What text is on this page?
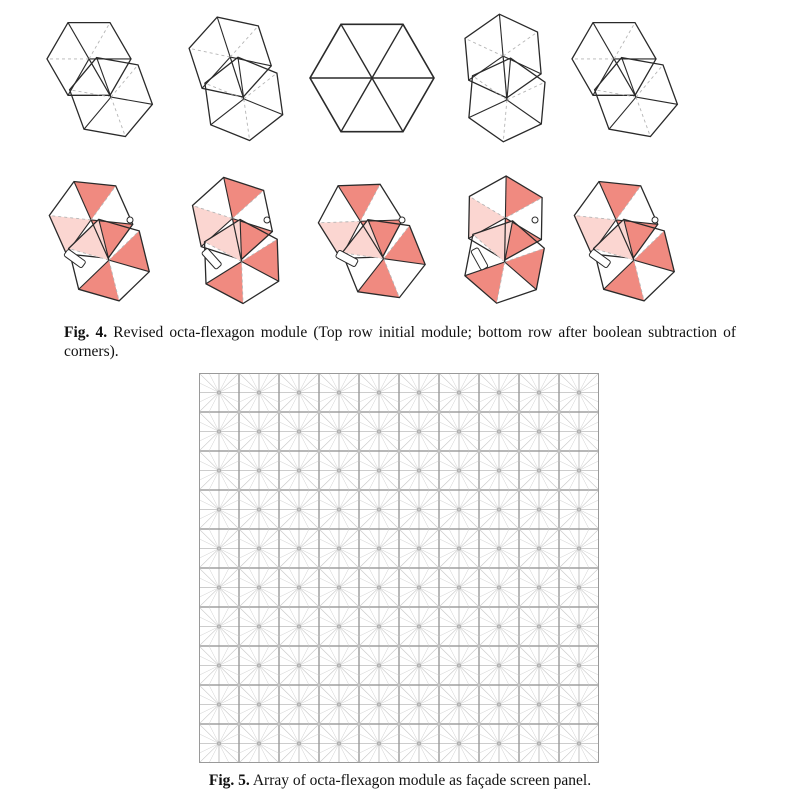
Fig. 4. Revised octa-flexagon module (Top row initial module; bottom row after boolean subtraction of corners).

Fig. 5. Array of octa-flexagon module as façade screen panel.
